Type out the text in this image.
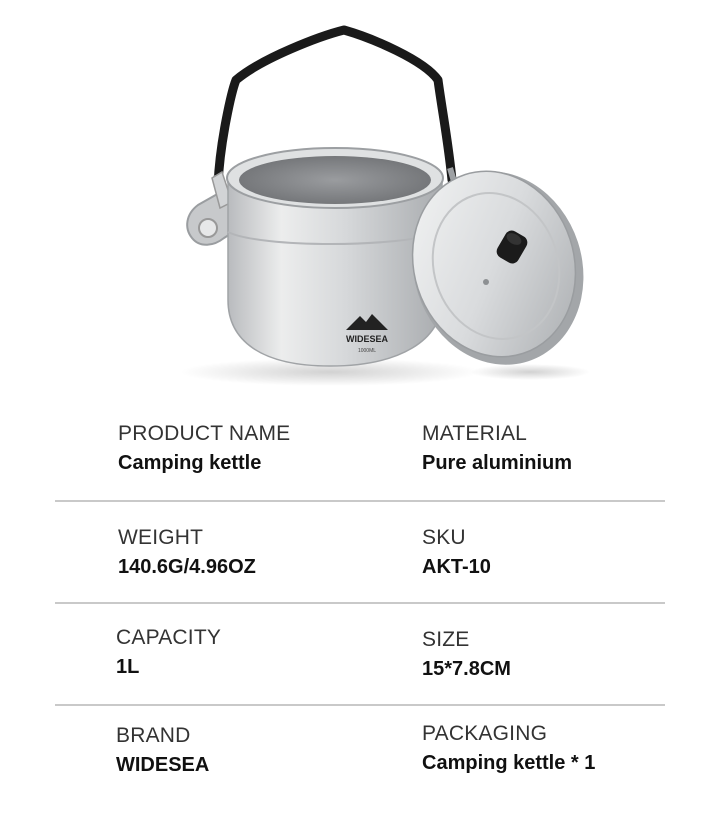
WIDESEA
1000ML
PRODUCT NAME
Camping kettle
MATERIAL
Pure aluminium
WEIGHT
140.6G/4.96OZ
SKU
AKT-10
CAPACITY
1L
SIZE
15*7.8CM
BRAND
WIDESEA
PACKAGING
Camping kettle * 1
